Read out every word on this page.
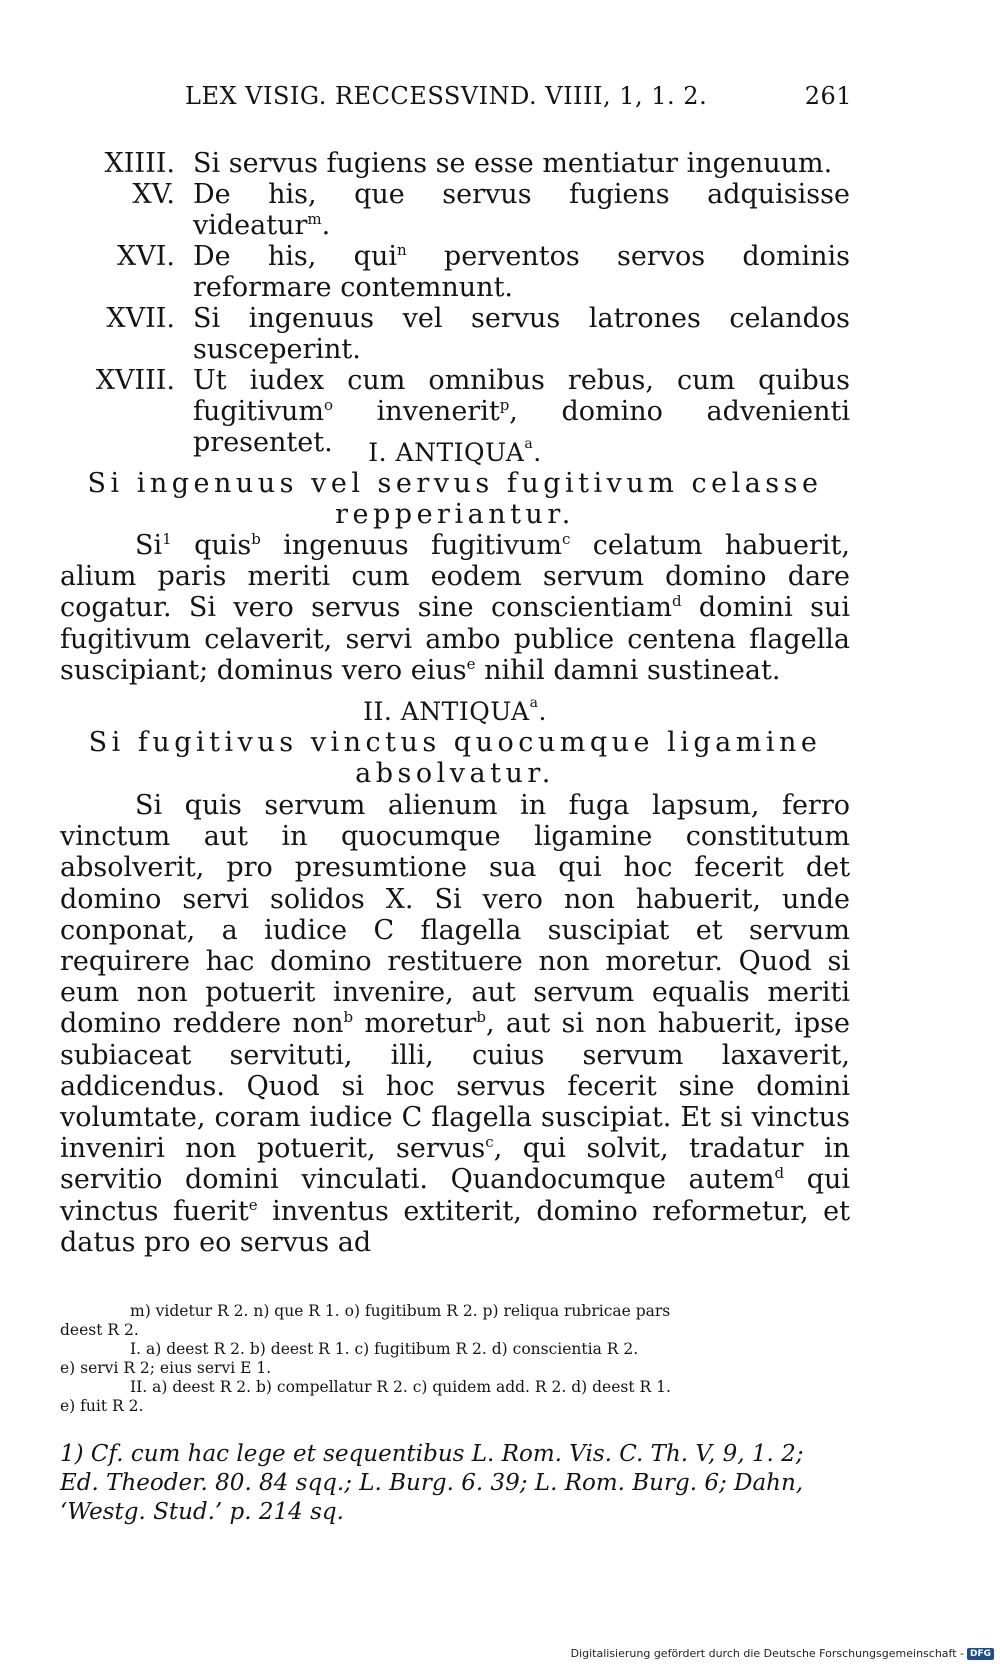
LEX VISIG. RECCESSVIND. VIIII, 1, 1. 2.	261
XIIII. Si servus fugiens se esse mentiatur ingenuum.
XV. De his, que servus fugiens adquisisse videatur$^m$.
XVI. De his, qui$^n$ perventos servos dominis reformare contemnunt.
XVII. Si ingenuus vel servus latrones celandos susceperint.
XVIII. Ut iudex cum omnibus rebus, cum quibus fugitivum$^o$ invenerit$^p$, domino advenienti presentet.	I. ANTIQUA$^a$.
Si ingenuus vel servus fugitivum celasse repperiantur.
Si$^1$ quis$^b$ ingenuus fugitivum$^c$ celatum habuerit, alium paris meriti cum eodem servum domino dare cogatur. Si vero servus sine conscientiam$^d$ domini sui fugitivum celaverit, servi ambo publice centena flagella suscipiant; dominus vero eius$^e$ nihil damni sustineat.
II. ANTIQUA$^a$.
Si fugitivus vinctus quocumque ligamine absolvatur.
Si quis servum alienum in fuga lapsum, ferro vinctum aut in quocumque ligamine constitutum absolverit, pro presumtione sua qui hoc fecerit det domino servi solidos X. Si vero non habuerit, unde conponat, a iudice C flagella suscipiat et servum requirere hac domino restituere non moretur. Quod si eum non potuerit invenire, aut servum equalis meriti domino reddere non$^b$ moretur$^b$, aut si non habuerit, ipse subiaceat servituti, illi, cuius servum laxaverit, addicendus. Quod si hoc servus fecerit sine domini volumtate, coram iudice C flagella suscipiat. Et si vinctus inveniri non potuerit, servus$^c$, qui solvit, tradatur in servitio domini vinculati. Quandocumque autem$^d$ qui vinctus fuerit$^e$ inventus extiterit, domino reformetur, et datus pro eo servus ad
m) videtur R 2. n) que R 1. o) fugitibum R 2. p) reliqua rubricae pars
deest R 2.
I. a) deest R 2. b) deest R 1. c) fugitibum R 2. d) conscientia R 2.
e) servi R 2; eius servi E 1.
II. a) deest R 2. b) compellatur R 2. c) quidem add. R 2. d) deest R 1.
e) fuit R 2.
1) Cf. cum hac lege et sequentibus L. Rom. Vis. C. Th. V, 9, 1. 2;
Ed. Theoder. 80. 84 sqq.; L. Burg. 6. 39; L. Rom. Burg. 6; Dahn,
‘Westg. Stud.’ p. 214 sq.
Digitalisierung gefördert durch die Deutsche Forschungsgemeinschaft - DFG
